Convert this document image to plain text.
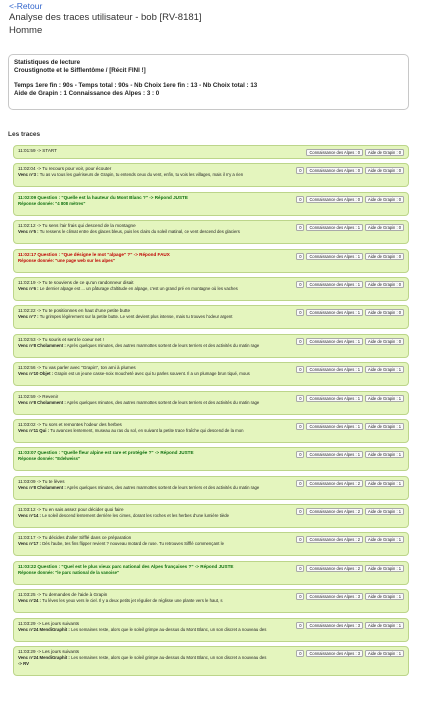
<-Retour
Analyse des traces utilisateur - bob [RV-8181]
Homme
Statistiques de lecture
Croustignotte et le Sifflentôme / [Récit FINI !]
Temps 1ere fin : 90s - Temps total : 90s - Nb Choix 1ere fin : 13 - Nb Choix total : 13
Aide de Grapin : 1 Connaissance des Alpes : 3 : 0
Les traces
11:01:59 -> START	Connaissance des Alpes : 0	Aide de Grapin : 0
11:02:04 -> Tu recours pour voir, pour écouter
Venc n°3 : Tu as vu tous les guériseurs de Grapin, tu entends ceux du vent, enfin, tu vois les villages, mais il n'y a rien
0	Connaissance des Alpes : 0	Aide de Grapin : 0
11:02:09 Question : "Quelle est la hauteur du Mont Blanc ?" -> Répond JUSTE
Réponse donnée: "4 808 mètres"
0	Connaissance des Alpes : 0	Aide de Grapin : 0
11:02:12 -> Tu sens l'air frais qui descend de la montagne
Venc n°5 : Tu ressens le climat entre des glaces bleus, puis les clairs du soleil matinal, ce vent descend des glaciers
0	Connaissance des Alpes : 1	Aide de Grapin : 0
11:02:17 Question : "Que désigne le mot "alpage" ?" -> Répond FAUX
Réponse donnée: "une page web sur les alpes"
0	Connaissance des Alpes : 1	Aide de Grapin : 0
11:02:19 -> Tu te souviens de ce qu'un randonneur disait
Venc n°6 : Le dernier alpage est ... un pâturage d'altitude en alpage, c'est un grand pré en montagne où les vaches
0	Connaissance des Alpes : 1	Aide de Grapin : 0
11:02:22 -> Tu te positionnes en haut d'une petite butte
Venc n°7 : Tu grimpes légèrement sur la petite butte. Le vent devient plus intense, mais tu trouves l'odeur argent
0	Connaissance des Alpes : 1	Aide de Grapin : 0
11:02:53 -> Tu souris et sent le coeur net !
Venc n°8 Cholamment : Après quelques minutes, des autres marmottes sortent de leurs terriers et des activités du matin rage
0	Connaissance des Alpes : 1	Aide de Grapin : 0
11:02:56 -> Tu vas parler avec "Grapin", ton ami à plumes
Venc n°10 Objet : Grapin est un jeune casse-noix moucheté avec qui tu parles souvent. Il a un plumage brun tiqué, mous
0	Connaissance des Alpes : 1	Aide de Grapin : 1
11:02:59 -> Revenir
Venc n°8 Cholamment : Après quelques minutes, des autres marmottes sortent de leurs terriers et des activités du matin rage
0	Connaissance des Alpes : 1	Aide de Grapin : 1
11:03:02 -> Tu sors et remontes l'odeur des herbes
Venc n°11 Qui : Tu avances lentement, museau au ras du sol, en suivant la petite trace fraîche qui descend de la mon
0	Connaissance des Alpes : 1	Aide de Grapin : 1
11:03:07 Question : "Quelle fleur alpine est rare et protégée ?" -> Répond JUSTE
Réponse donnée: "Edelweiss"
0	Connaissance des Alpes : 1	Aide de Grapin : 1
11:03:09 -> Tu te lèves
Venc n°8 Cholamment : Après quelques minutes, des autres marmottes sortent de leurs terriers et des activités du matin rage
0	Connaissance des Alpes : 2	Aide de Grapin : 1
11:03:12 -> Tu en sais assez pour décider quoi faire
Venc n°14 : Le soleil descend lentement derrière les cimes, dorant les roches et les herbes d'une lumière tiède
0	Connaissance des Alpes : 2	Aide de Grapin : 1
11:03:17 -> Tu décides d'aller Sifflé dans ce préparation
Venc n°17 : Dès l'aube, tes fins flipper revient ? nouveau motard de ruse. Tu retrouves Sifflé commençant le
0	Connaissance des Alpes : 2	Aide de Grapin : 1
11:03:22 Question : "Quel est le plus vieux parc national des Alpes françaises ?" -> Répond JUSTE
Réponse donnée: "le parc national de la vanoise"
0	Connaissance des Alpes : 2	Aide de Grapin : 1
11:03:25 -> Tu demandes de l'aide à Grapin
Venc n°24 : Tu lèves les yeux vers le ciel. Il y a deux petits jet régulier de réglisse une plante vers le haut, s
0	Connaissance des Alpes : 3	Aide de Grapin : 1
11:03:29 -> Les jours suivants
Venc n°24 MendiGraphit : Les semaines reste, alors que le soleil grimpe au-dessus du Mont Blanc, un son discret a nouveau des
0	Connaissance des Alpes : 3	Aide de Grapin : 1
11:03:29 -> Les jours suivants
Venc n°24 MendiGraphit : Les semaines reste, alors que le soleil grimpe au-dessus du Mont Blanc, un son discret a nouveau des
-> RV
0	Connaissance des Alpes : 3	Aide de Grapin : 1
